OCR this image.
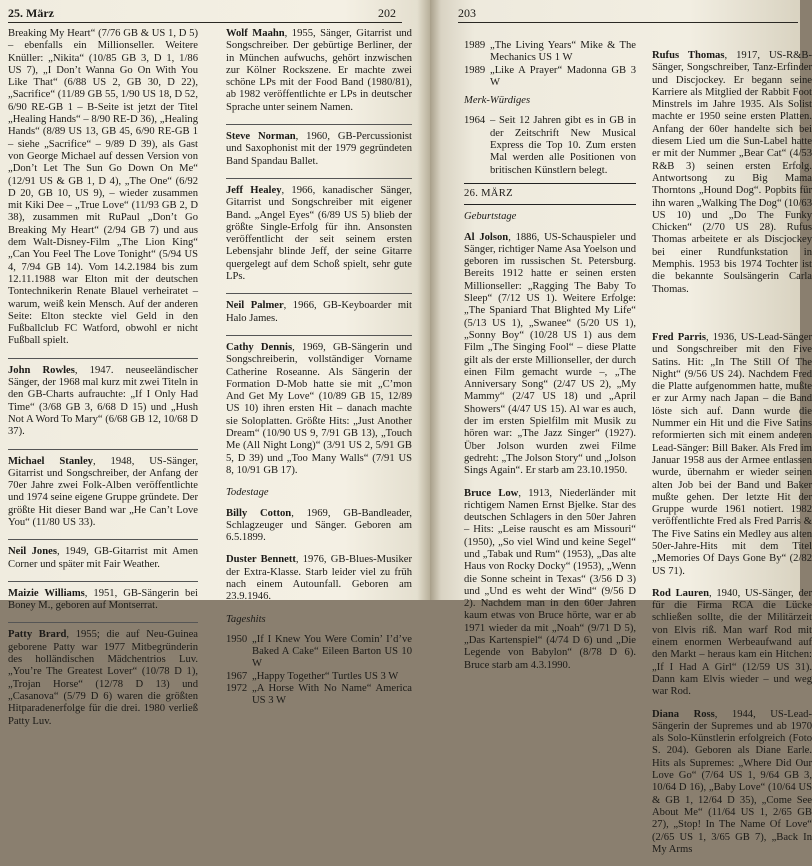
25. März	202
Breaking My Heart“ (7/76 GB & US 1, D 5) – ebenfalls ein Millionseller. Weitere Knüller: „Nikita“ (10/85 GB 3, D 1, 1/86 US 7), „I Don’t Wanna Go On With You Like That“ (6/88 US 2, GB 30, D 22), „Sacrifice“ (11/89 GB 55, 1/90 US 18, D 52, 6/90 RE-GB 1 – B-Seite ist jetzt der Titel „Healing Hands“ – 8/90 RE-D 36), „Healing Hands“ (8/89 US 13, GB 45, 6/90 RE-GB 1 – siehe „Sacrifice“ – 9/89 D 39), als Gast von George Michael auf dessen Version von „Don’t Let The Sun Go Down On Me“ (12/91 US & GB 1, D 4), „The One“ (6/92 D 20, GB 10, US 9), – wieder zusammen mit Kiki Dee – „True Love“ (11/93 GB 2, D 38), zusammen mit RuPaul „Don’t Go Breaking My Heart“ (2/94 GB 7) und aus dem Walt-Disney-Film „The Lion King“ „Can You Feel The Love Tonight“ (5/94 US 4, 7/94 GB 14). Vom 14.2.1984 bis zum 12.11.1988 war Elton mit der deutschen Tontechnikerin Renate Blauel verheiratet – warum, weiß kein Mensch. Auf der anderen Seite: Elton steckte viel Geld in den Fußballclub FC Watford, obwohl er nicht Fußball spielt.
John Rowles, 1947. neuseeländischer Sänger, der 1968 mal kurz mit zwei Titeln in den GB-Charts aufrauchte: „If I Only Had Time“ (3/68 GB 3, 6/68 D 15) und „Hush Not A Word To Mary“ (6/68 GB 12, 10/68 D 37).
Michael Stanley, 1948, US-Sänger, Gitarrist und Songschreiber, der Anfang der 70er Jahre zwei Folk-Alben veröffentlichte und 1974 seine eigene Gruppe gründete. Der größte Hit dieser Band war „He Can’t Love You“ (11/80 US 33).
Neil Jones, 1949, GB-Gitarrist mit Amen Corner und später mit Fair Weather.
Maizie Williams, 1951, GB-Sängerin bei Boney M., geboren auf Montserrat.
Patty Brard, 1955; die auf Neu-Guinea geborene Patty war 1977 Mitbegründerin des holländischen Mädchentrios Luv. „You’re The Greatest Lover“ (10/78 D 1), „Trojan Horse“ (12/78 D 13) und „Casanova“ (5/79 D 6) waren die größten Hitparadenerfolge für die drei. 1980 verließ Patty Luv.
Wolf Maahn, 1955, Sänger, Gitarrist und Songschreiber. Der gebürtige Berliner, der in München aufwuchs, gehört inzwischen zur Kölner Rockszene. Er machte zwei schöne LPs mit der Food Band (1980/81), ab 1982 veröffentlichte er LPs in deutscher Sprache unter seinem Namen.
Steve Norman, 1960, GB-Percussionist und Saxophonist mit der 1979 gegründeten Band Spandau Ballet.
Jeff Healey, 1966, kanadischer Sänger, Gitarrist und Songschreiber mit eigener Band. „Angel Eyes“ (6/89 US 5) blieb der größte Single-Erfolg für ihn. Ansonsten veröffentlicht der seit seinem ersten Lebensjahr blinde Jeff, der seine Gitarre quergelegt auf dem Schoß spielt, sehr gute LPs.
Neil Palmer, 1966, GB-Keyboarder mit Halo James.
Cathy Dennis, 1969, GB-Sängerin und Songschreiberin, vollständiger Vorname Catherine Roseanne. Als Sängerin der Formation D-Mob hatte sie mit „C’mon And Get My Love“ (10/89 GB 15, 12/89 US 10) ihren ersten Hit – danach machte sie Soloplatten. Größte Hits: „Just Another Dream“ (10/90 US 9, 7/91 GB 13), „Touch Me (All Night Long)“ (3/91 US 2, 5/91 GB 5, D 39) und „Too Many Walls“ (7/91 US 8, 10/91 GB 17).
Todestage
Billy Cotton, 1969, GB-Bandleader, Schlagzeuger und Sänger. Geboren am 6.5.1899.
Duster Bennett, 1976, GB-Blues-Musiker der Extra-Klasse. Starb leider viel zu früh nach einem Autounfall. Geboren am 23.9.1946.
Tageshits
1950 „If I Knew You Were Comin’ I’d’ve Baked A Cake“ Eileen Barton US 10 W
1967 „Happy Together“ Turtles US 3 W
1972 „A Horse With No Name“ America US 3 W
203
1989 „The Living Years“ Mike & The Mechanics US 1 W
1989 „Like A Prayer“ Madonna GB 3 W
Merk-Würdiges
1964 – Seit 12 Jahren gibt es in GB in der Zeitschrift New Musical Express die Top 10. Zum ersten Mal werden alle Positionen von britischen Künstlern belegt.
26. MÄRZ
Geburtstage
Al Jolson, 1886, US-Schauspieler und Sänger, richtiger Name Asa Yoelson und geboren im russischen St. Petersburg. Bereits 1912 hatte er seinen ersten Millionseller: „Ragging The Baby To Sleep“ (7/12 US 1). Weitere Erfolge: „The Spaniard That Blighted My Life“ (5/13 US 1), „Swanee“ (5/20 US 1), „Sonny Boy“ (10/28 US 1) aus dem Film „The Singing Fool“ – diese Platte gilt als der erste Millionseller, der durch einen Film gemacht wurde –, „The Anniversary Song“ (2/47 US 2), „My Mammy“ (2/47 US 18) und „April Showers“ (4/47 US 15). Al war es auch, der im ersten Spielfilm mit Musik zu hören war: „The Jazz Singer“ (1927). Über Jolson wurden zwei Filme gedreht: „The Jolson Story“ und „Jolson Sings Again“. Er starb am 23.10.1950.
Bruce Low, 1913, Niederländer mit richtigem Namen Ernst Bjelke. Star des deutschen Schlagers in den 50er Jahren – Hits: „Leise rauscht es am Missouri“ (1950), „So viel Wind und keine Segel“ und „Tabak und Rum“ (1953), „Das alte Haus von Rocky Docky“ (1953), „Wenn die Sonne scheint in Texas“ (3/56 D 3) und „Und es weht der Wind“ (9/56 D 2). Nachdem man in den 60er Jahren kaum etwas von Bruce hörte, war er ab 1971 wieder da mit „Noah“ (9/71 D 5), „Das Kartenspiel“ (4/74 D 6) und „Die Legende von Babylon“ (8/78 D 6). Bruce starb am 4.3.1990.
Rufus Thomas, 1917, US-R&B-Sänger, Songschreiber, Tanz-Erfinder und Discjockey. Er begann seine Karriere als Mitglied der Rabbit Foot Minstrels im Jahre 1935. Als Solist machte er 1950 seine ersten Platten. Anfang der 60er handelte sich bei diesem Lied um die Sun-Label hatte er mit der Nummer „Bear Cat“ (4/53 R&B 3) seinen ersten Erfolg. Antwortsong zu Big Mama Thorntons „Hound Dog“. Popbits für ihn waren „Walking The Dog“ (10/63 US 10) und „Do The Funky Chicken“ (2/70 US 28). Rufus Thomas arbeitete er als Discjockey bei einer Rundfunkstation in Memphis. 1953 bis 1974 Tochter ist die bekannte Soulsängerin Carla Thomas.
Fred Parris, 1936, US-Lead-Sänger und Songschreiber mit den Five Satins. Hit: „In The Still Of The Night“ (9/56 US 24). Nachdem Fred die Platte aufgenommen hatte, mußte er zur Army nach Japan – die Band löste sich auf. Dann wurde die Nummer ein Hit und die Five Satins reformierten sich mit einem anderen Lead-Sänger: Bill Baker. Als Fred im Januar 1958 aus der Armee entlassen wurde, übernahm er wieder seinen alten Job bei der Band und Baker mußte gehen. Der letzte Hit der Gruppe wurde 1961 notiert. 1982 veröffentlichte Fred als Fred Parris & The Five Satins ein Medley aus alten 50er-Jahre-Hits mit dem Titel „Memories Of Days Gone By“ (2/82 US 71).
Rod Lauren, 1940, US-Sänger, der für die Firma RCA die Lücke schließen sollte, die der Militärzeit von Elvis riß. Man warf Rod mit einem enormen Werbeaufwand auf den Markt – heraus kam ein Hitchen: „If I Had A Girl“ (12/59 US 31). Dann kam Elvis wieder – und weg war Rod.
Diana Ross, 1944, US-Lead-Sängerin der Supremes und ab 1970 als Solo-Künstlerin erfolgreich (Foto S. 204). Geboren als Diane Earle. Hits als Supremes: „Where Did Our Love Go“ (7/64 US 1, 9/64 GB 3, 10/64 D 16), „Baby Love“ (10/64 US & GB 1, 12/64 D 35), „Come See About Me“ (11/64 US 1, 2/65 GB 27), „Stop! In The Name Of Love“ (2/65 US 1, 3/65 GB 7), „Back In My Arms
